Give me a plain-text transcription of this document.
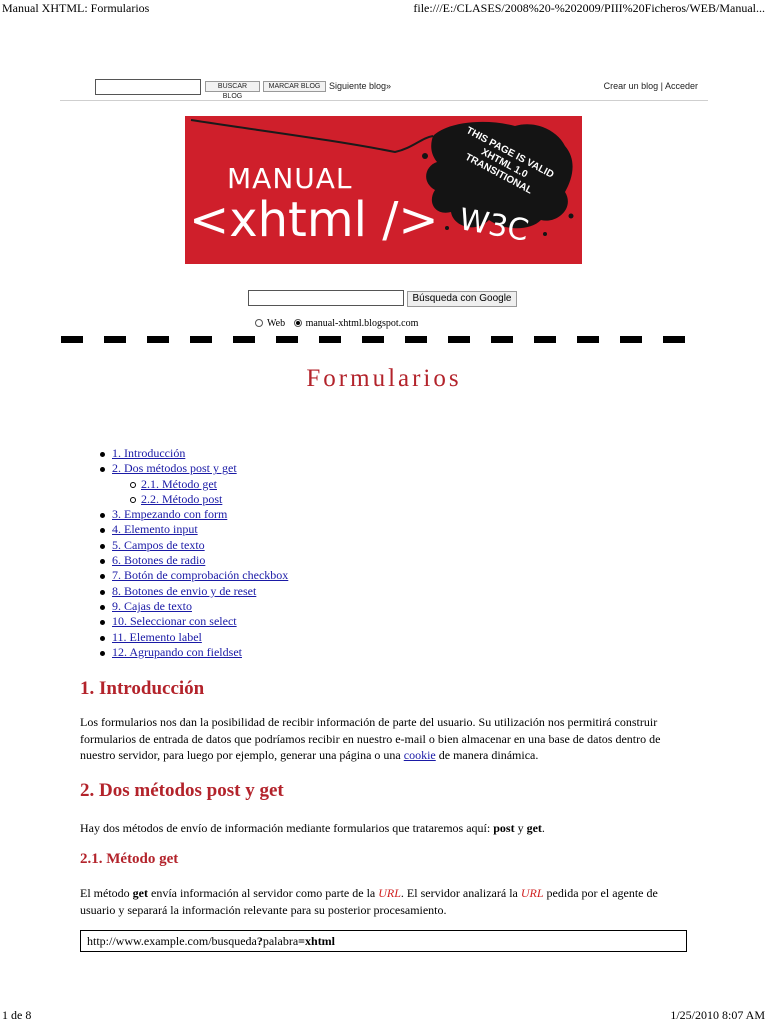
Manual XHTML: Formularios	file:///E:/CLASES/2008%20-%202009/PIII%20Ficheros/WEB/Manual...
BUSCAR BLOG
MARCAR BLOG Siguiente blog»	Crear un blog | Acceder
THIS PAGE IS VALID XHTML 1.0 TRANSITIONAL
MANUAL
<xhtml /> W3C
Búsqueda con Google
Web manual-xhtml.blogspot.com
Formularios
1. Introducción
2. Dos métodos post y get
2.1. Método get
2.2. Método post
3. Empezando con form
4. Elemento input
5. Campos de texto
6. Botones de radio
7. Botón de comprobación checkbox
8. Botones de envio y de reset
9. Cajas de texto
10. Seleccionar con select
11. Elemento label
12. Agrupando con fieldset
1. Introducción

Los formularios nos dan la posibilidad de recibir información de parte del usuario. Su utilización nos permitirá construir formularios de entrada de datos que podríamos recibir en nuestro e-mail o bien almacenar en una base de datos dentro de nuestro servidor, para luego por ejemplo, generar una página o una cookie de manera dinámica.

2. Dos métodos post y get

Hay dos métodos de envío de información mediante formularios que trataremos aquí: post y get.

2.1. Método get

El método get envía información al servidor como parte de la URL. El servidor analizará la URL pedida por el agente de usuario y separará la información relevante para su posterior procesamiento.

http://www.example.com/busqueda?palabra=xhtml
1 de 8	1/25/2010 8:07 AM
